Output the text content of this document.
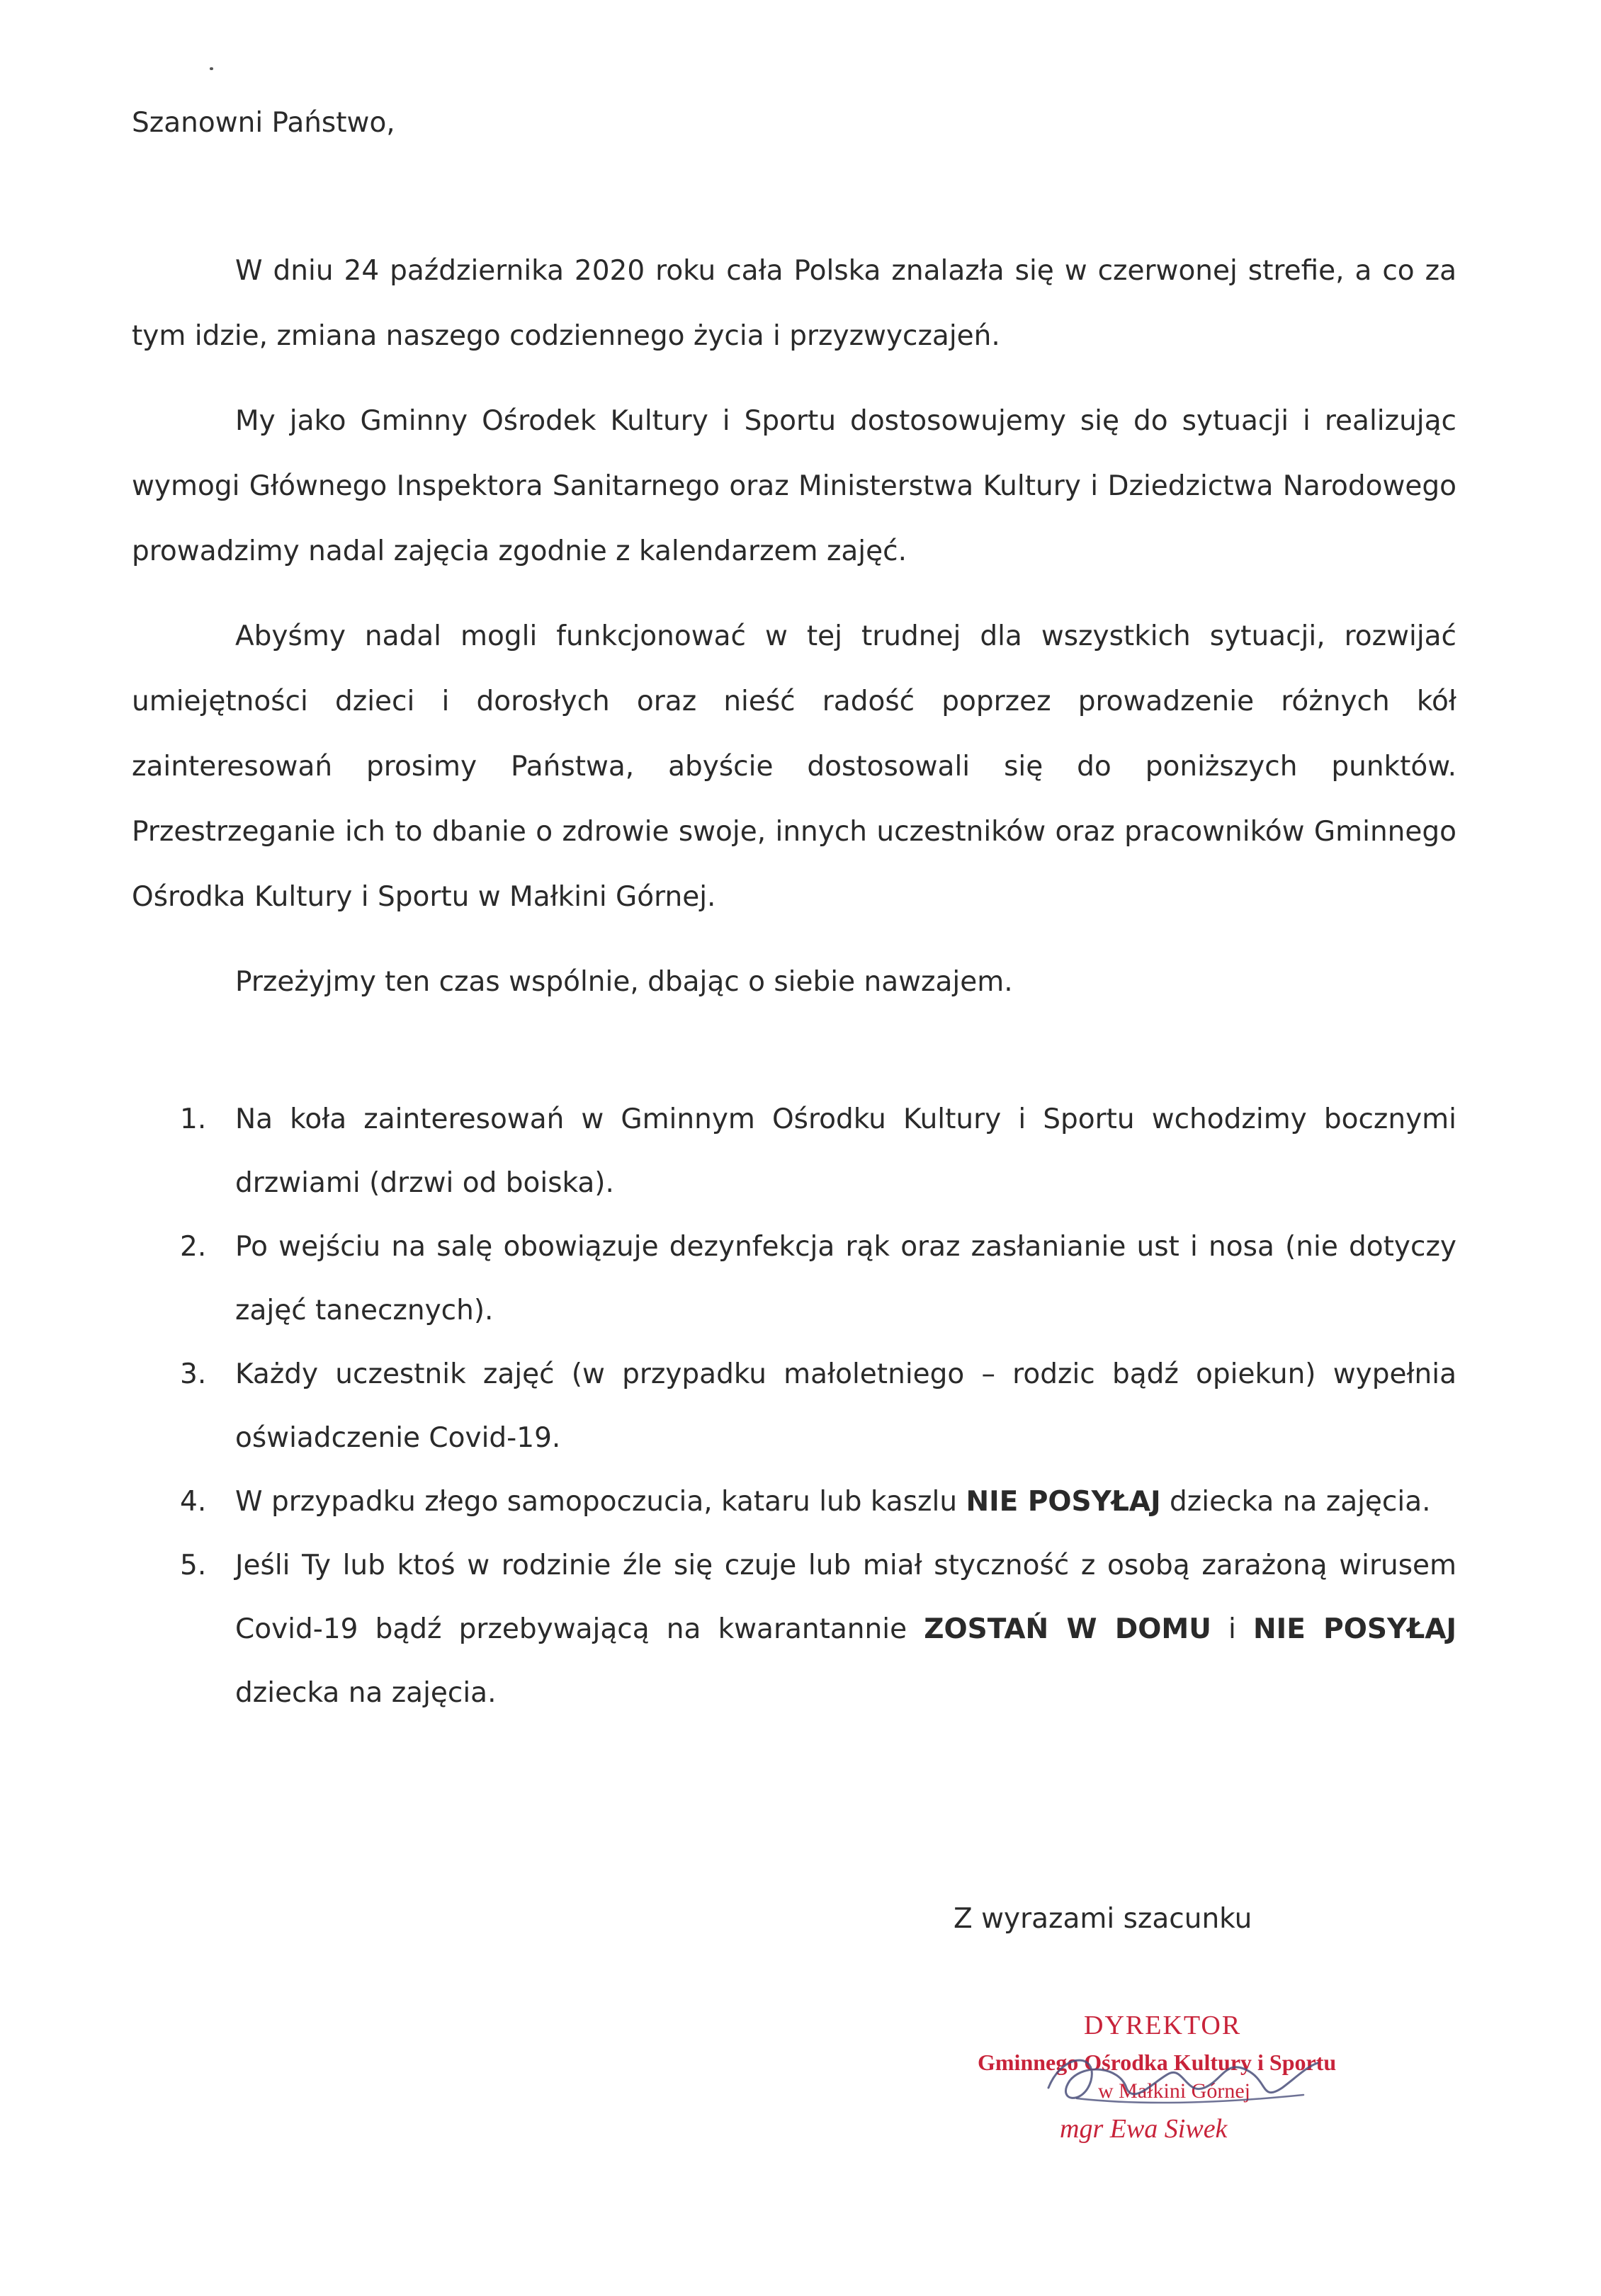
Szanowni Państwo,

W dniu 24 października 2020 roku cała Polska znalazła się w czerwonej strefie, a co za tym idzie, zmiana naszego codziennego życia i przyzwyczajeń.

My jako Gminny Ośrodek Kultury i Sportu dostosowujemy się do sytuacji i realizując wymogi Głównego Inspektora Sanitarnego oraz Ministerstwa Kultury i Dziedzictwa Narodowego prowadzimy nadal zajęcia zgodnie z kalendarzem zajęć.

Abyśmy nadal mogli funkcjonować w tej trudnej dla wszystkich sytuacji, rozwijać umiejętności dzieci i dorosłych oraz nieść radość poprzez prowadzenie różnych kół zainteresowań prosimy Państwa, abyście dostosowali się do poniższych punktów. Przestrzeganie ich to dbanie o zdrowie swoje, innych uczestników oraz pracowników Gminnego Ośrodka Kultury i Sportu w Małkini Górnej.

Przeżyjmy ten czas wspólnie, dbając o siebie nawzajem.

1. Na koła zainteresowań w Gminnym Ośrodku Kultury i Sportu wchodzimy bocznymi drzwiami (drzwi od boiska).
2. Po wejściu na salę obowiązuje dezynfekcja rąk oraz zasłanianie ust i nosa (nie dotyczy zajęć tanecznych).
3. Każdy uczestnik zajęć (w przypadku małoletniego – rodzic bądź opiekun) wypełnia oświadczenie Covid-19.
4. W przypadku złego samopoczucia, kataru lub kaszlu NIE POSYŁAJ dziecka na zajęcia.
5. Jeśli Ty lub ktoś w rodzinie źle się czuje lub miał styczność z osobą zarażoną wirusem Covid-19 bądź przebywającą na kwarantannie ZOSTAŃ W DOMU i NIE POSYŁAJ dziecka na zajęcia.
Z wyrazami szacunku
DYREKTOR
Gminnego Ośrodka Kultury i Sportu
w Małkini Górnej
mgr Ewa Siwek
